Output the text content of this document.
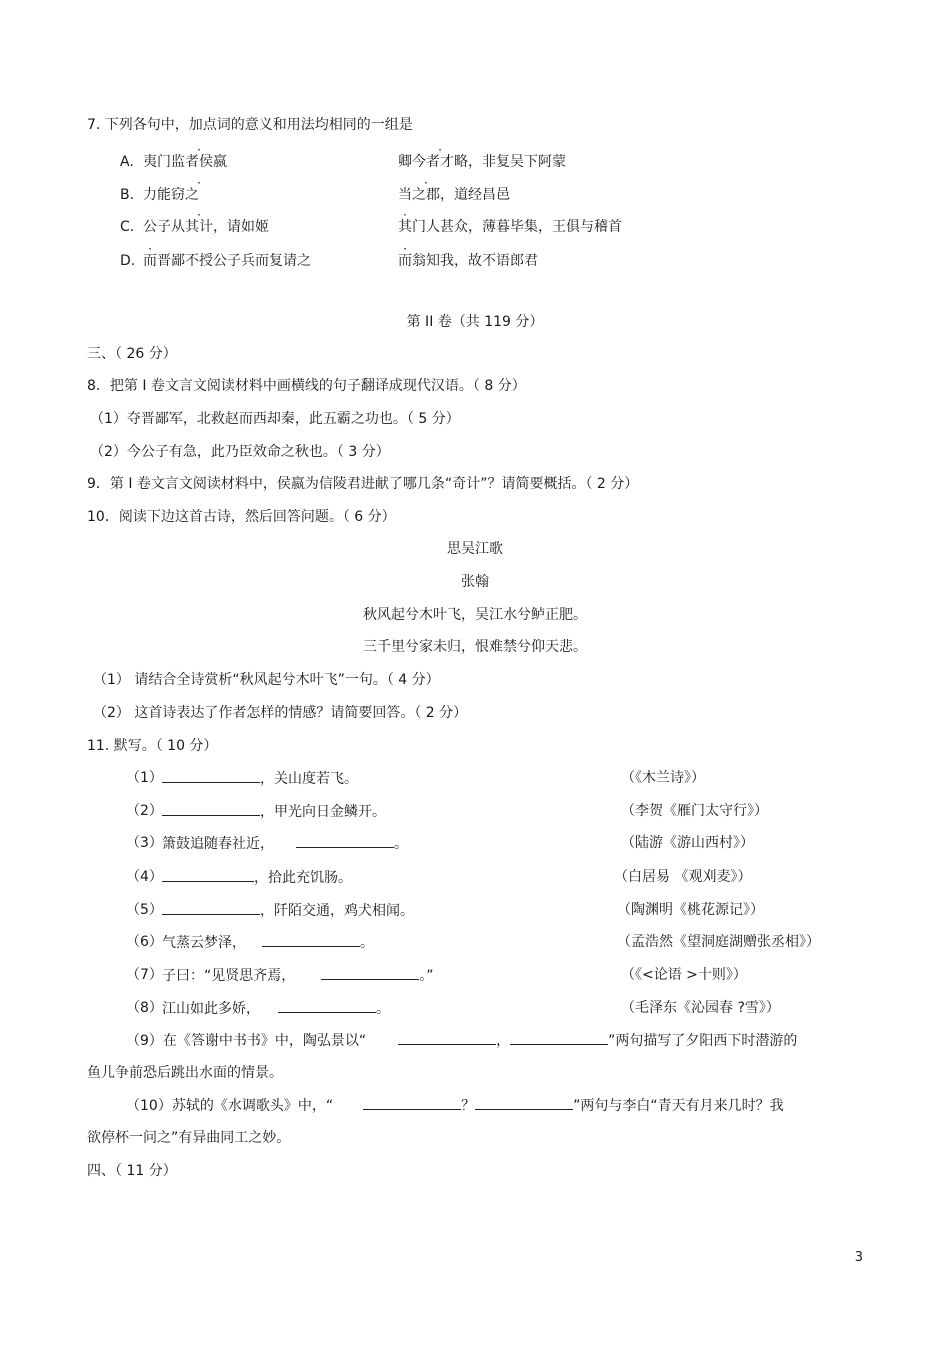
7. 下列各句中，加点词的意义和用法均相同的一组是
A. 夷门监者侯嬴	卿今者才略，非复吴下阿蒙
B. 力能窃之	当之郡，道经昌邑
C. 公子从其计，请如姬	其门人甚众，薄暮毕集，王俱与稽首
D. 而晋鄙不授公子兵而复请之	而翁知我，故不语郎君
第 II 卷（共 119 分）
三、（ 26 分）
8．把第 I 卷文言文阅读材料中画横线的句子翻译成现代汉语。（ 8 分）
（1）夺晋鄙军，北救赵而西却秦，此五霸之功也。（ 5 分）
（2）今公子有急，此乃臣效命之秋也。（ 3 分）
9．第 I 卷文言文阅读材料中，侯嬴为信陵君进献了哪几条“奇计”？请简要概括。（ 2 分）
10．阅读下边这首古诗，然后回答问题。（ 6 分）
思吴江歌
张翰
秋风起兮木叶飞，吴江水兮鲈正肥。
三千里兮家未归，恨难禁兮仰天悲。
（1） 请结合全诗赏析“秋风起兮木叶飞”一句。（ 4 分）
（2） 这首诗表达了作者怎样的情感？请简要回答。（ 2 分）
11. 默写。（ 10 分）
（1）	，关山度若飞。	（《木兰诗》）
（2）	，甲光向日金鳞开。	（李贺《雁门太守行》）
（3） 箫鼓追随春社近，	。	（陆游《游山西村》）
（4）	，拾此充饥肠。	（白居易 《观刈麦》）
（5）	，阡陌交通，鸡犬相闻。	（陶渊明《桃花源记》）
（6） 气蒸云梦泽，	。	（孟浩然《望洞庭湖赠张丞相》）
（7） 子曰：“见贤思齐焉，	。”	（《<论语 >十则》）
（8） 江山如此多娇，	。	（毛泽东《沁园春 ?雪》）
（9）在《答谢中书书》中，陶弘景以“	，	”两句描写了夕阳西下时潜游的
鱼儿争前恐后跳出水面的情景。
（10）苏轼的《水调歌头》中，“	？	”两句与李白“青天有月来几时？我
欲停杯一问之”有异曲同工之妙。
四、（ 11 分）
3
